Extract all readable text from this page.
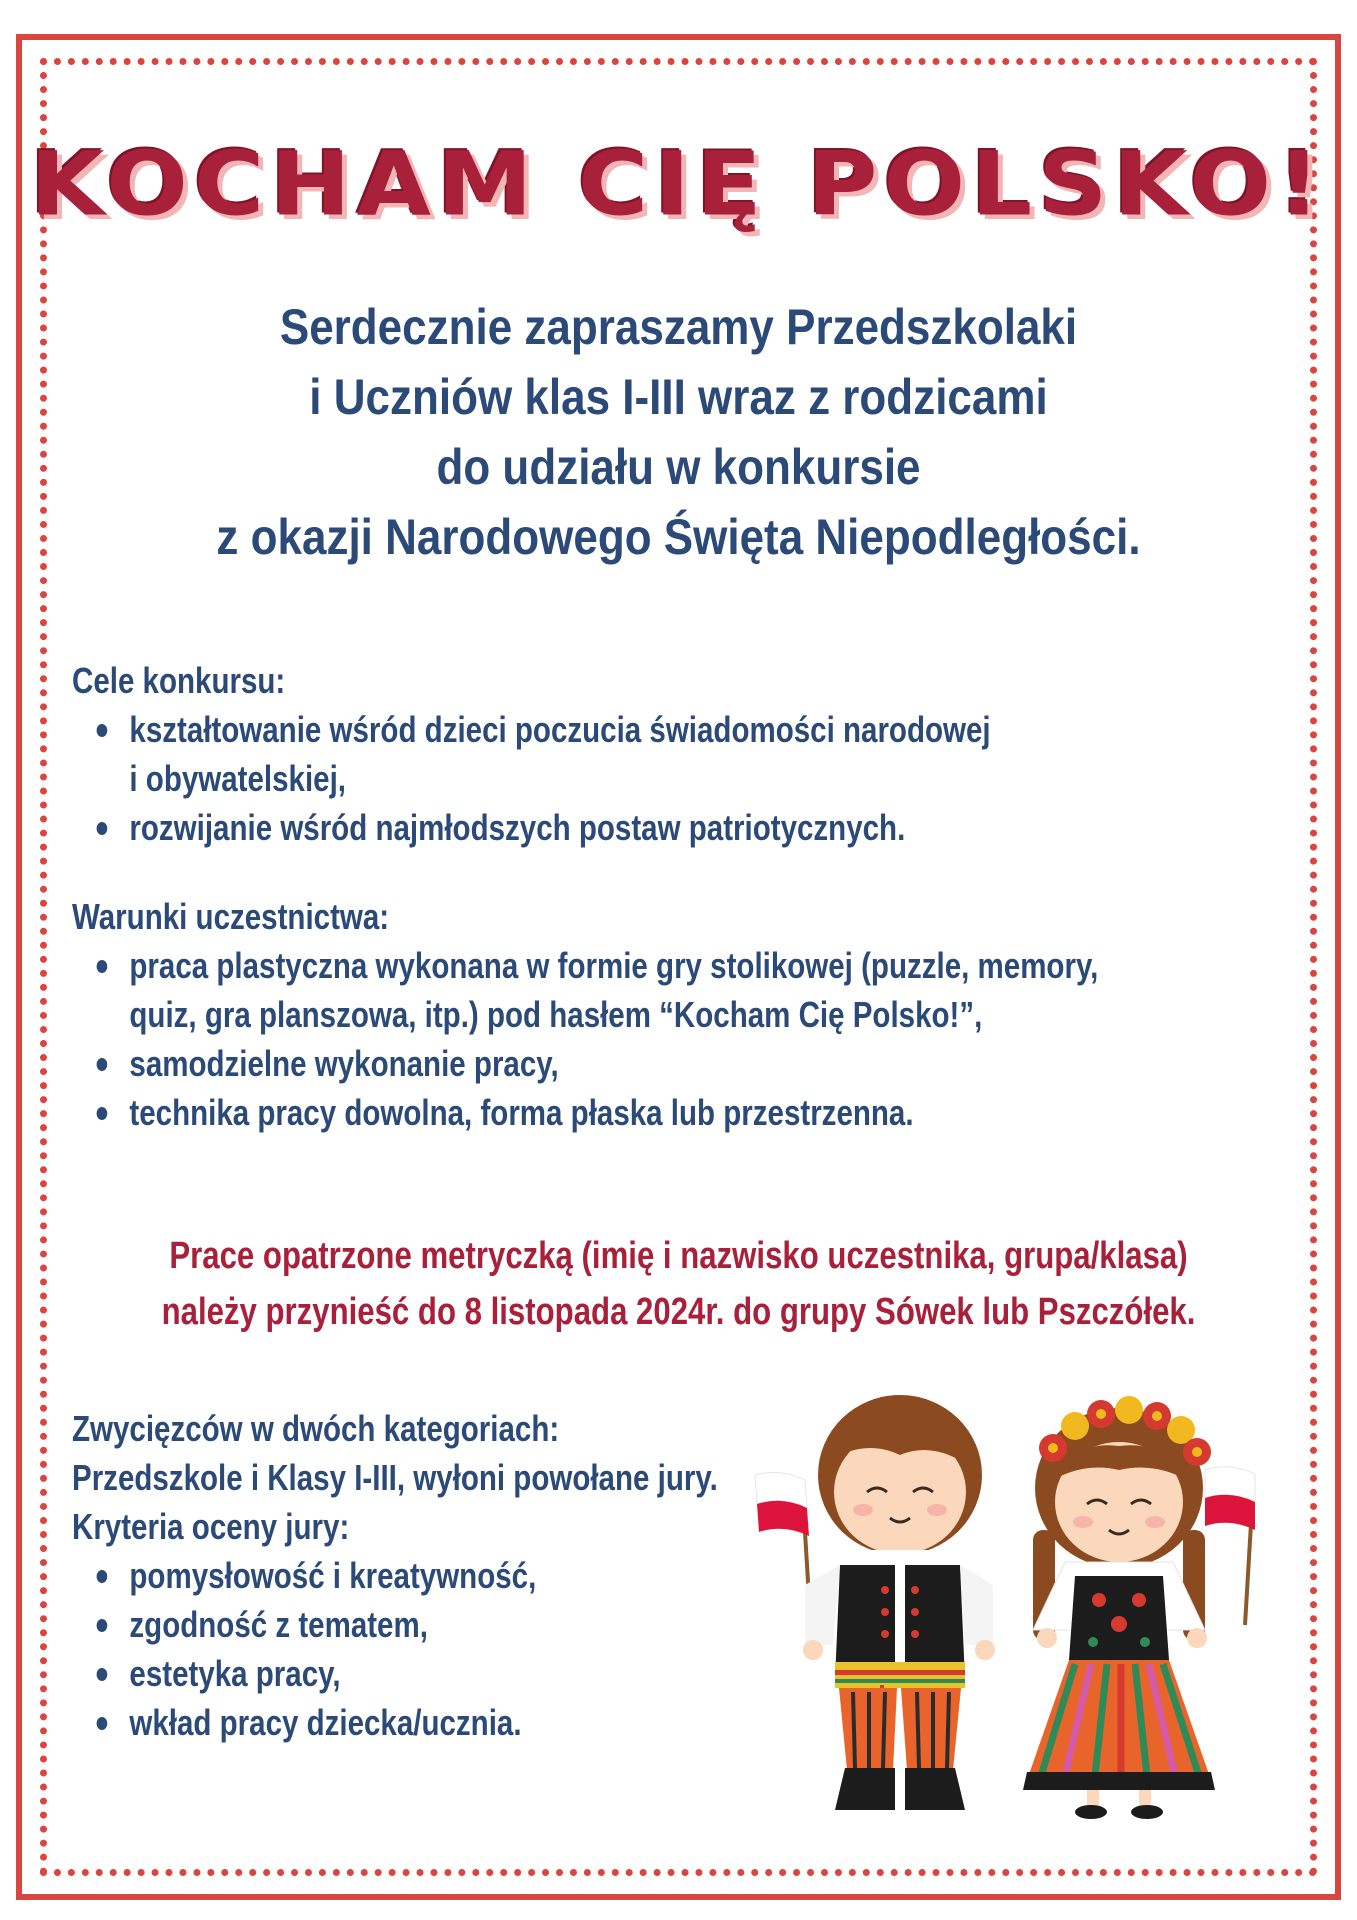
KOCHAM CIĘ POLSKO!
Serdecznie zapraszamy Przedszkolaki
i Uczniów klas I-III wraz z rodzicami
do udziału w konkursie
z okazji Narodowego Święta Niepodległości.
Cele konkursu:
kształtowanie wśród dzieci poczucia świadomości narodowej
i obywatelskiej,
rozwijanie wśród najmłodszych postaw patriotycznych.
Warunki uczestnictwa:
praca plastyczna wykonana w formie gry stolikowej (puzzle, memory,
quiz, gra planszowa, itp.) pod hasłem “Kocham Cię Polsko!”,
samodzielne wykonanie pracy,
technika pracy dowolna, forma płaska lub przestrzenna.
Prace opatrzone metryczką (imię i nazwisko uczestnika, grupa/klasa)
należy przynieść do 8 listopada 2024r. do grupy Sówek lub Pszczółek.
Zwycięzców w dwóch kategoriach:
Przedszkole i Klasy I-III, wyłoni powołane jury.
Kryteria oceny jury:
pomysłowość i kreatywność,
zgodność z tematem,
estetyka pracy,
wkład pracy dziecka/ucznia.
